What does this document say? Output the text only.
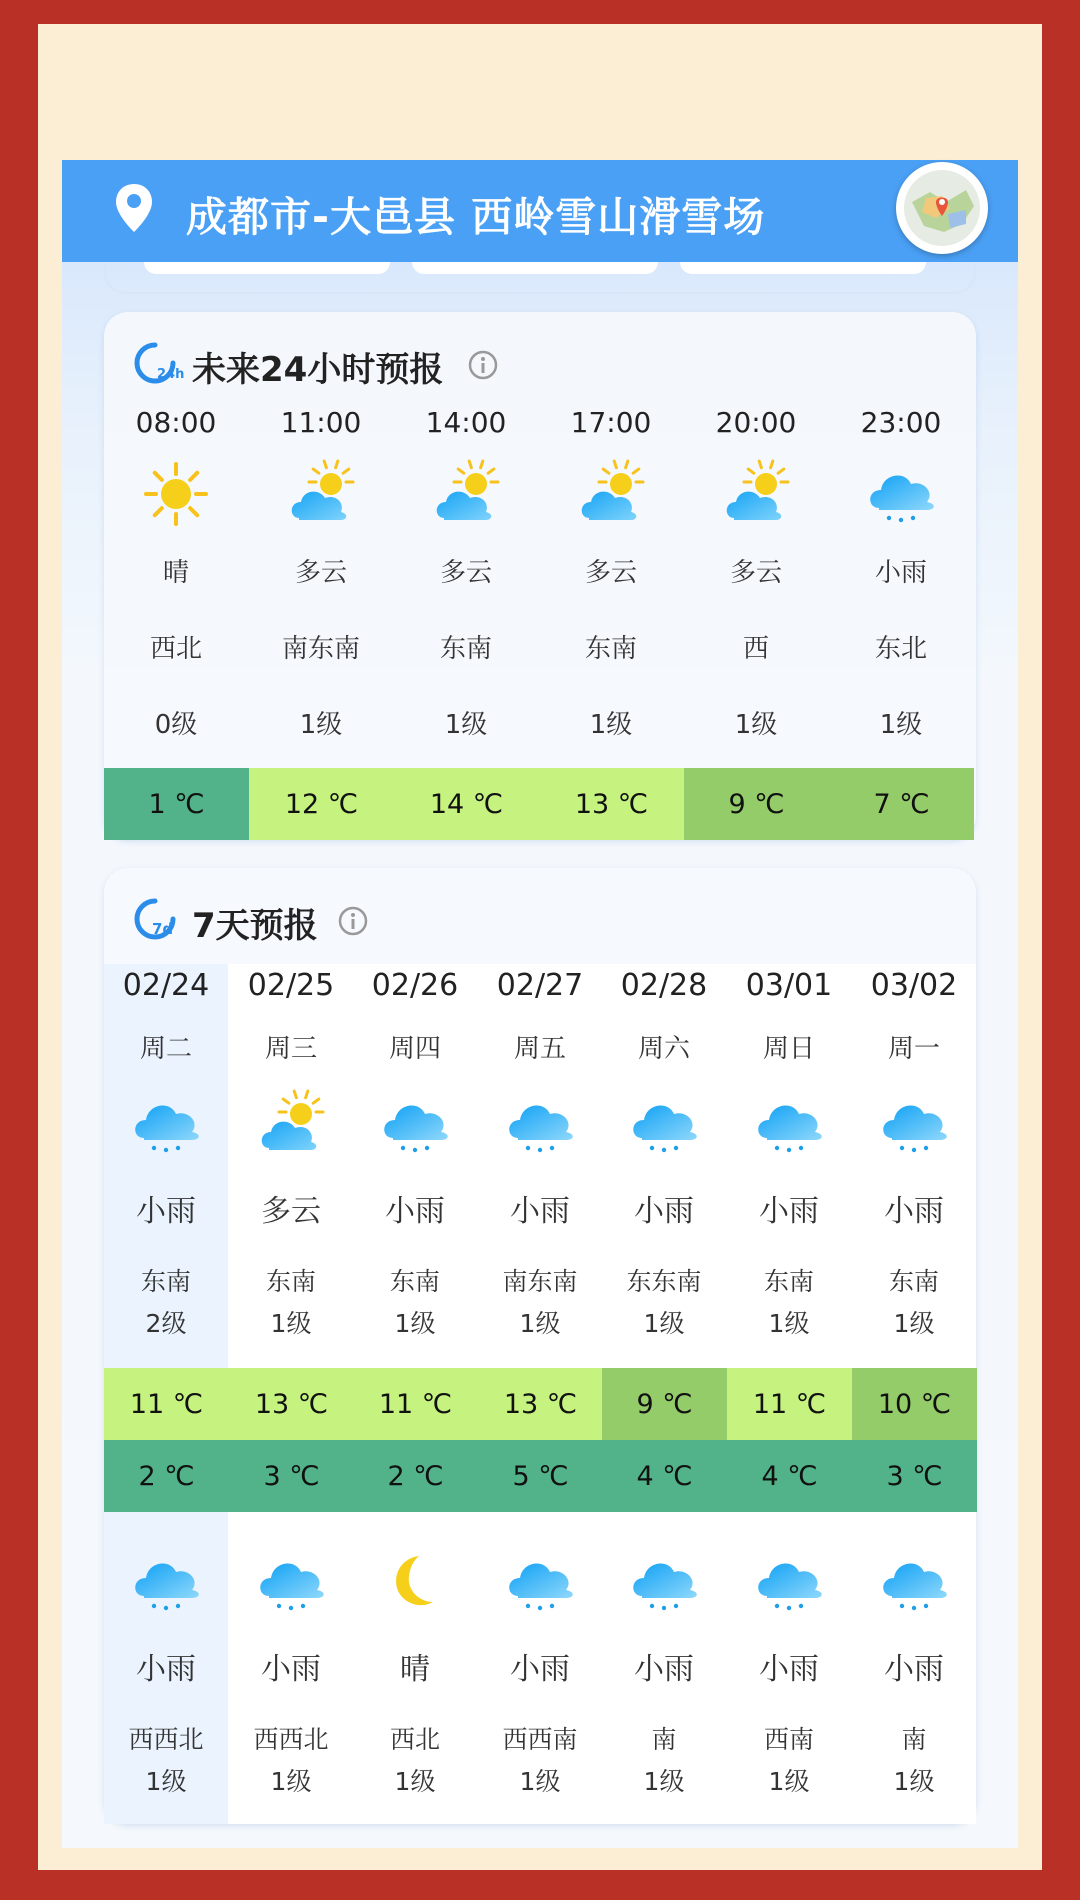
成都市-大邑县 西岭雪山滑雪场
24h 未来24小时预报
08:00
晴
西北
0级
1 ℃
11:00
多云
南东南
1级
12 ℃
14:00
多云
东南
1级
14 ℃
17:00
多云
东南
1级
13 ℃
20:00
多云
西
1级
9 ℃
23:00
小雨
东北
1级
7 ℃
7d 7天预报
02/24
周二
小雨
东南
2级
11 ℃
2 ℃
小雨
西西北
1级
02/25
周三
多云
东南
1级
13 ℃
3 ℃
小雨
西西北
1级
02/26
周四
小雨
东南
1级
11 ℃
2 ℃
晴
西北
1级
02/27
周五
小雨
南东南
1级
13 ℃
5 ℃
小雨
西西南
1级
02/28
周六
小雨
东东南
1级
9 ℃
4 ℃
小雨
南
1级
03/01
周日
小雨
东南
1级
11 ℃
4 ℃
小雨
西南
1级
03/02
周一
小雨
东南
1级
10 ℃
3 ℃
小雨
南
1级
